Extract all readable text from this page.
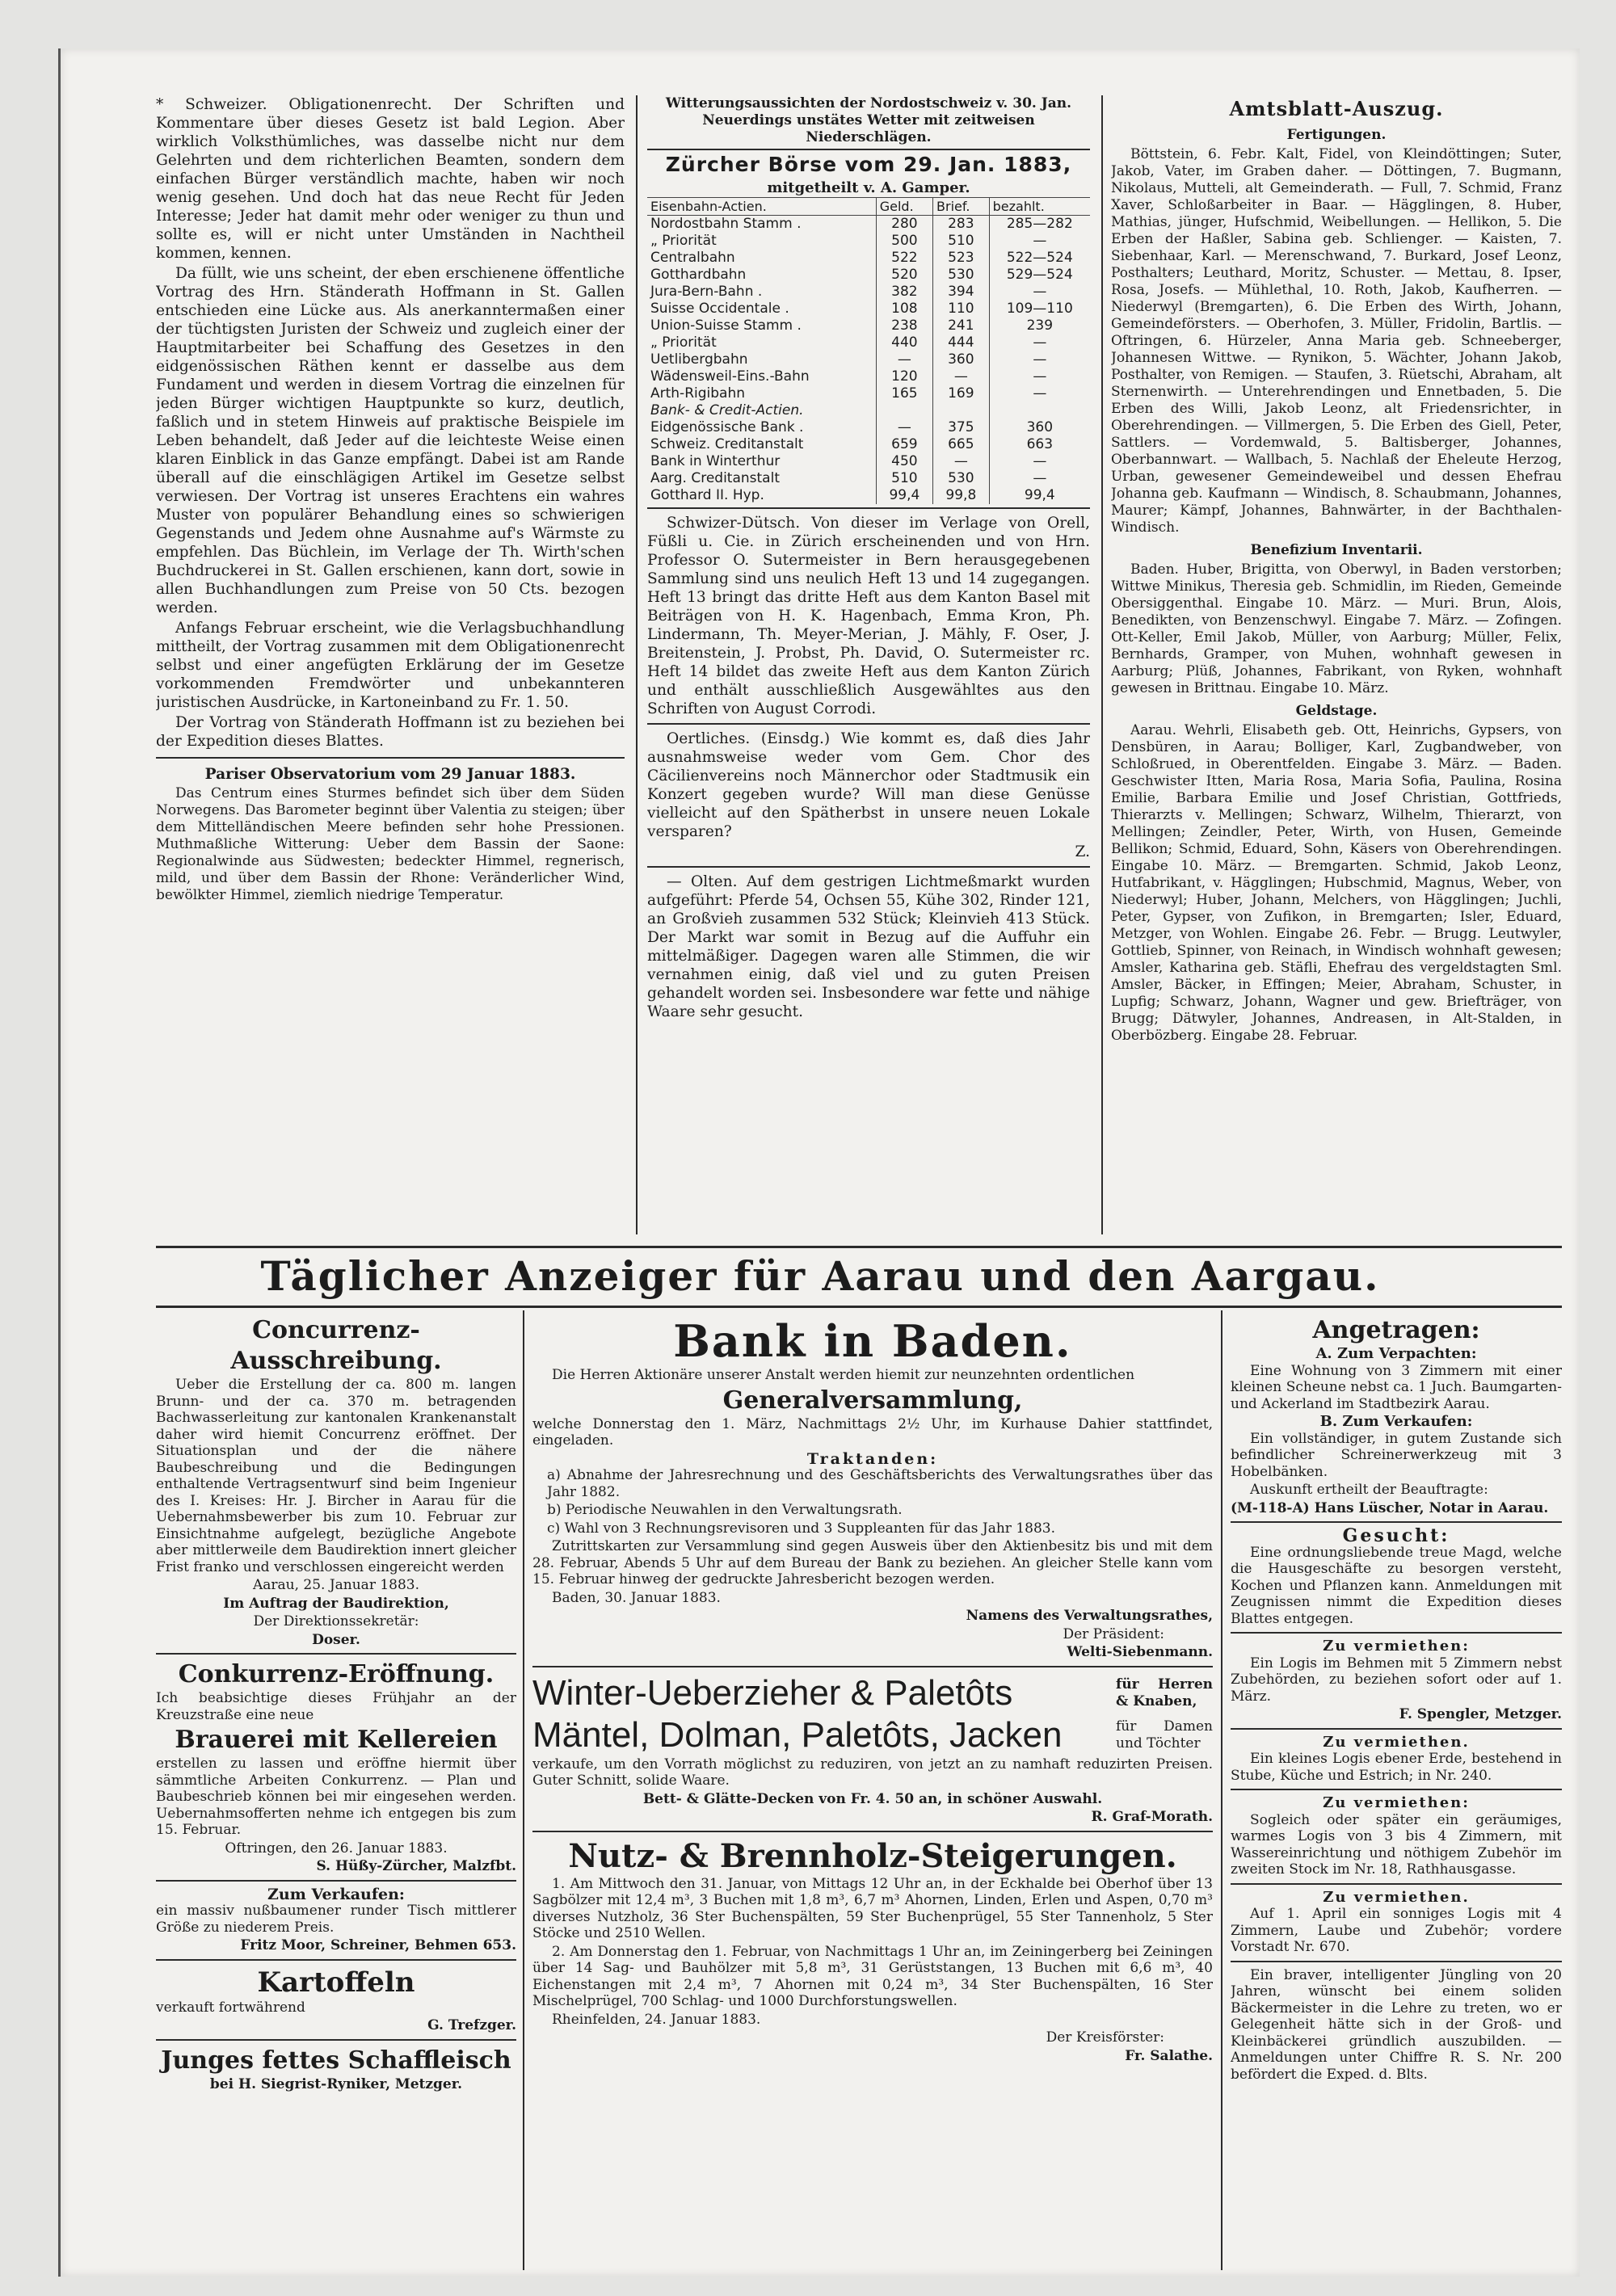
* Schweizer. Obligationenrecht. Der Schriften und Kommentare über dieses Gesetz ist bald Legion. Aber wirklich Volksthümliches, was dasselbe nicht nur dem Gelehrten und dem richterlichen Beamten, sondern dem einfachen Bürger verständlich machte, haben wir noch wenig gesehen. Und doch hat das neue Recht für Jeden Interesse; Jeder hat damit mehr oder weniger zu thun und sollte es, will er nicht unter Umständen in Nachtheil kommen, kennen.

Da füllt, wie uns scheint, der eben erschienene öffentliche Vortrag des Hrn. Ständerath Hoffmann in St. Gallen entschieden eine Lücke aus. Als anerkanntermaßen einer der tüchtigsten Juristen der Schweiz und zugleich einer der Hauptmitarbeiter bei Schaffung des Gesetzes in den eidgenössischen Räthen kennt er dasselbe aus dem Fundament und werden in diesem Vortrag die einzelnen für jeden Bürger wichtigen Hauptpunkte so kurz, deutlich, faßlich und in stetem Hinweis auf praktische Beispiele im Leben behandelt, daß Jeder auf die leichteste Weise einen klaren Einblick in das Ganze empfängt. Dabei ist am Rande überall auf die einschlägigen Artikel im Gesetze selbst verwiesen. Der Vortrag ist unseres Erachtens ein wahres Muster von populärer Behandlung eines so schwierigen Gegenstands und Jedem ohne Ausnahme auf's Wärmste zu empfehlen. Das Büchlein, im Verlage der Th. Wirth'schen Buchdruckerei in St. Gallen erschienen, kann dort, sowie in allen Buchhandlungen zum Preise von 50 Cts. bezogen werden.

Anfangs Februar erscheint, wie die Verlagsbuchhandlung mittheilt, der Vortrag zusammen mit dem Obligationenrecht selbst und einer angefügten Erklärung der im Gesetze vorkommenden Fremdwörter und unbekannteren juristischen Ausdrücke, in Kartoneinband zu Fr. 1. 50.

Der Vortrag von Ständerath Hoffmann ist zu beziehen bei der Expedition dieses Blattes.

Pariser Observatorium vom 29 Januar 1883.

Das Centrum eines Sturmes befindet sich über dem Süden Norwegens. Das Barometer beginnt über Valentia zu steigen; über dem Mittelländischen Meere befinden sehr hohe Pressionen. Muthmaßliche Witterung: Ueber dem Bassin der Saone: Regionalwinde aus Südwesten; bedeckter Himmel, regnerisch, mild, und über dem Bassin der Rhone: Veränderlicher Wind, bewölkter Himmel, ziemlich niedrige Temperatur.

Witterungsaussichten der Nordostschweiz v. 30. Jan. Neuerdings unstätes Wetter mit zeitweisen Niederschlägen.

Zürcher Börse vom 29. Jan. 1883,
mitgetheilt v. A. Gamper.
Eisenbahn-Actien.	Geld.	Brief.	bezahlt.
Nordostbahn Stamm .	280	283	285—282
„ Priorität	500	510	—
Centralbahn	522	523	522—524
Gotthardbahn	520	530	529—524
Jura-Bern-Bahn .	382	394	—
Suisse Occidentale .	108	110	109—110
Union-Suisse Stamm .	238	241	239
„ Priorität	440	444	—
Uetlibergbahn	—	360	—
Wädensweil-Eins.-Bahn	120	—	—
Arth-Rigibahn	165	169	—
Bank- & Credit-Actien.			
Eidgenössische Bank .	—	375	360
Schweiz. Creditanstalt	659	665	663
Bank in Winterthur	450	—	—
Aarg. Creditanstalt	510	530	—
Gotthard II. Hyp.	99,4	99,8	99,4

Schwizer-Dütsch. Von dieser im Verlage von Orell, Füßli u. Cie. in Zürich erscheinenden und von Hrn. Professor O. Sutermeister in Bern herausgegebenen Sammlung sind uns neulich Heft 13 und 14 zugegangen. Heft 13 bringt das dritte Heft aus dem Kanton Basel mit Beiträgen von H. K. Hagenbach, Emma Kron, Ph. Lindermann, Th. Meyer-Merian, J. Mähly, F. Oser, J. Breitenstein, J. Probst, Ph. David, O. Sutermeister rc. Heft 14 bildet das zweite Heft aus dem Kanton Zürich und enthält ausschließlich Ausgewähltes aus den Schriften von August Corrodi.

Oertliches. (Einsdg.) Wie kommt es, daß dies Jahr ausnahmsweise weder vom Gem. Chor des Cäcilienvereins noch Männerchor oder Stadtmusik ein Konzert gegeben wurde? Will man diese Genüsse vielleicht auf den Spätherbst in unsere neuen Lokale versparen?

Z.

— Olten. Auf dem gestrigen Lichtmeßmarkt wurden aufgeführt: Pferde 54, Ochsen 55, Kühe 302, Rinder 121, an Großvieh zusammen 532 Stück; Kleinvieh 413 Stück. Der Markt war somit in Bezug auf die Auffuhr ein mittelmäßiger. Dagegen waren alle Stimmen, die wir vernahmen einig, daß viel und zu guten Preisen gehandelt worden sei. Insbesondere war fette und nähige Waare sehr gesucht.

Amtsblatt-Auszug.
Fertigungen.

Böttstein, 6. Febr. Kalt, Fidel, von Kleindöttingen; Suter, Jakob, Vater, im Graben daher. — Döttingen, 7. Bugmann, Nikolaus, Mutteli, alt Gemeinderath. — Full, 7. Schmid, Franz Xaver, Schloßarbeiter in Baar. — Hägglingen, 8. Huber, Mathias, jünger, Hufschmid, Weibellungen. — Hellikon, 5. Die Erben der Haßler, Sabina geb. Schlienger. — Kaisten, 7. Siebenhaar, Karl. — Merenschwand, 7. Burkard, Josef Leonz, Posthalters; Leuthard, Moritz, Schuster. — Mettau, 8. Ipser, Rosa, Josefs. — Mühlethal, 10. Roth, Jakob, Kaufherren. — Niederwyl (Bremgarten), 6. Die Erben des Wirth, Johann, Gemeindeförsters. — Oberhofen, 3. Müller, Fridolin, Bartlis. — Oftringen, 6. Hürzeler, Anna Maria geb. Schneeberger, Johannesen Wittwe. — Rynikon, 5. Wächter, Johann Jakob, Posthalter, von Remigen. — Staufen, 3. Rüetschi, Abraham, alt Sternenwirth. — Unterehrendingen und Ennetbaden, 5. Die Erben des Willi, Jakob Leonz, alt Friedensrichter, in Oberehrendingen. — Villmergen, 5. Die Erben des Giell, Peter, Sattlers. — Vordemwald, 5. Baltisberger, Johannes, Oberbannwart. — Wallbach, 5. Nachlaß der Eheleute Herzog, Urban, gewesener Gemeindeweibel und dessen Ehefrau Johanna geb. Kaufmann — Windisch, 8. Schaubmann, Johannes, Maurer; Kämpf, Johannes, Bahnwärter, in der Bachthalen-Windisch.

Benefizium Inventarii.

Baden. Huber, Brigitta, von Oberwyl, in Baden verstorben; Wittwe Minikus, Theresia geb. Schmidlin, im Rieden, Gemeinde Obersiggenthal. Eingabe 10. März. — Muri. Brun, Alois, Benedikten, von Benzenschwyl. Eingabe 7. März. — Zofingen. Ott-Keller, Emil Jakob, Müller, von Aarburg; Müller, Felix, Bernhards, Gramper, von Muhen, wohnhaft gewesen in Aarburg; Plüß, Johannes, Fabrikant, von Ryken, wohnhaft gewesen in Brittnau. Eingabe 10. März.

Geldstage.

Aarau. Wehrli, Elisabeth geb. Ott, Heinrichs, Gypsers, von Densbüren, in Aarau; Bolliger, Karl, Zugbandweber, von Schloßrued, in Oberentfelden. Eingabe 3. März. — Baden. Geschwister Itten, Maria Rosa, Maria Sofia, Paulina, Rosina Emilie, Barbara Emilie und Josef Christian, Gottfrieds, Thierarzts v. Mellingen; Schwarz, Wilhelm, Thierarzt, von Mellingen; Zeindler, Peter, Wirth, von Husen, Gemeinde Bellikon; Schmid, Eduard, Sohn, Käsers von Oberehrendingen. Eingabe 10. März. — Bremgarten. Schmid, Jakob Leonz, Hutfabrikant, v. Hägglingen; Hubschmid, Magnus, Weber, von Niederwyl; Huber, Johann, Melchers, von Hägglingen; Juchli, Peter, Gypser, von Zufikon, in Bremgarten; Isler, Eduard, Metzger, von Wohlen. Eingabe 26. Febr. — Brugg. Leutwyler, Gottlieb, Spinner, von Reinach, in Windisch wohnhaft gewesen; Amsler, Katharina geb. Stäfli, Ehefrau des vergeldstagten Sml. Amsler, Bäcker, in Effingen; Meier, Abraham, Schuster, in Lupfig; Schwarz, Johann, Wagner und gew. Briefträger, von Brugg; Dätwyler, Johannes, Andreasen, in Alt-Stalden, in Oberbözberg. Eingabe 28. Februar.

Täglicher Anzeiger für Aarau und den Aargau.
Concurrenz-Ausschreibung.

Ueber die Erstellung der ca. 800 m. langen Brunn- und der ca. 370 m. betragenden Bachwasserleitung zur kantonalen Krankenanstalt daher wird hiemit Concurrenz eröffnet. Der Situationsplan und der die nähere Baubeschreibung und die Bedingungen enthaltende Vertragsentwurf sind beim Ingenieur des I. Kreises: Hr. J. Bircher in Aarau für die Uebernahmsbewerber bis zum 10. Februar zur Einsichtnahme aufgelegt, bezügliche Angebote aber mittlerweile dem Baudirektion innert gleicher Frist franko und verschlossen eingereicht werden

Aarau, 25. Januar 1883.

Im Auftrag der Baudirektion,

Der Direktionssekretär:

Doser.

Conkurrenz-Eröffnung.

Ich beabsichtige dieses Frühjahr an der Kreuzstraße eine neue

Brauerei mit Kellereien

erstellen zu lassen und eröffne hiermit über sämmtliche Arbeiten Conkurrenz. — Plan und Baubeschrieb können bei mir eingesehen werden. Uebernahmsofferten nehme ich entgegen bis zum 15. Februar.

Oftringen, den 26. Januar 1883.

S. Hüßy-Zürcher, Malzfbt.

Zum Verkaufen:

ein massiv nußbaumener runder Tisch mittlerer Größe zu niederem Preis.

Fritz Moor, Schreiner, Behmen 653.

Kartoffeln

verkauft fortwährend

G. Trefzger.

Junges fettes Schaffleisch

bei H. Siegrist-Ryniker, Metzger.

Bank in Baden.

Die Herren Aktionäre unserer Anstalt werden hiemit zur neunzehnten ordentlichen

Generalversammlung,

welche Donnerstag den 1. März, Nachmittags 2½ Uhr, im Kurhause Dahier stattfindet, eingeladen.

Traktanden:

a) Abnahme der Jahresrechnung und des Geschäftsberichts des Verwaltungsrathes über das Jahr 1882.

b) Periodische Neuwahlen in den Verwaltungsrath.

c) Wahl von 3 Rechnungsrevisoren und 3 Suppleanten für das Jahr 1883.

Zutrittskarten zur Versammlung sind gegen Ausweis über den Aktienbesitz bis und mit dem 28. Februar, Abends 5 Uhr auf dem Bureau der Bank zu beziehen. An gleicher Stelle kann vom 15. Februar hinweg der gedruckte Jahresbericht bezogen werden.

Baden, 30. Januar 1883.

Namens des Verwaltungsrathes,

Der Präsident:

Welti-Siebenmann.

Winter-Ueberzieher & Paletôts	für Herren & Knaben,
Mäntel, Dolman, Paletôts, Jacken	für Damen und Töchter

verkaufe, um den Vorrath möglichst zu reduziren, von jetzt an zu namhaft reduzirten Preisen. Guter Schnitt, solide Waare.

Bett- & Glätte-Decken von Fr. 4. 50 an, in schöner Auswahl.

R. Graf-Morath.

Nutz- & Brennholz-Steigerungen.

1. Am Mittwoch den 31. Januar, von Mittags 12 Uhr an, in der Eckhalde bei Oberhof über 13 Sagbölzer mit 12,4 m³, 3 Buchen mit 1,8 m³, 6,7 m³ Ahornen, Linden, Erlen und Aspen, 0,70 m³ diverses Nutzholz, 36 Ster Buchenspälten, 59 Ster Buchenprügel, 55 Ster Tannenholz, 5 Ster Stöcke und 2510 Wellen.

2. Am Donnerstag den 1. Februar, von Nachmittags 1 Uhr an, im Zeiningerberg bei Zeiningen über 14 Sag- und Bauhölzer mit 5,8 m³, 31 Gerüststangen, 13 Buchen mit 6,6 m³, 40 Eichenstangen mit 2,4 m³, 7 Ahornen mit 0,24 m³, 34 Ster Buchenspälten, 16 Ster Mischelprügel, 700 Schlag- und 1000 Durchforstungswellen.

Rheinfelden, 24. Januar 1883.

Der Kreisförster:

Fr. Salathe.

Angetragen:
A. Zum Verpachten:

Eine Wohnung von 3 Zimmern mit einer kleinen Scheune nebst ca. 1 Juch. Baumgarten- und Ackerland im Stadtbezirk Aarau.

B. Zum Verkaufen:

Ein vollständiger, in gutem Zustande sich befindlicher Schreinerwerkzeug mit 3 Hobelbänken.

Auskunft ertheilt der Beauftragte:

(M-118-A) Hans Lüscher, Notar in Aarau.

Gesucht:

Eine ordnungsliebende treue Magd, welche die Hausgeschäfte zu besorgen versteht, Kochen und Pflanzen kann. Anmeldungen mit Zeugnissen nimmt die Expedition dieses Blattes entgegen.

Zu vermiethen:

Ein Logis im Behmen mit 5 Zimmern nebst Zubehörden, zu beziehen sofort oder auf 1. März.

F. Spengler, Metzger.

Zu vermiethen.

Ein kleines Logis ebener Erde, bestehend in Stube, Küche und Estrich; in Nr. 240.

Zu vermiethen:

Sogleich oder später ein geräumiges, warmes Logis von 3 bis 4 Zimmern, mit Wassereinrichtung und nöthigem Zubehör im zweiten Stock im Nr. 18, Rathhausgasse.

Zu vermiethen.

Auf 1. April ein sonniges Logis mit 4 Zimmern, Laube und Zubehör; vordere Vorstadt Nr. 670.

Ein braver, intelligenter Jüngling von 20 Jahren, wünscht bei einem soliden Bäckermeister in die Lehre zu treten, wo er Gelegenheit hätte sich in der Groß- und Kleinbäckerei gründlich auszubilden. — Anmeldungen unter Chiffre R. S. Nr. 200 befördert die Exped. d. Blts.
